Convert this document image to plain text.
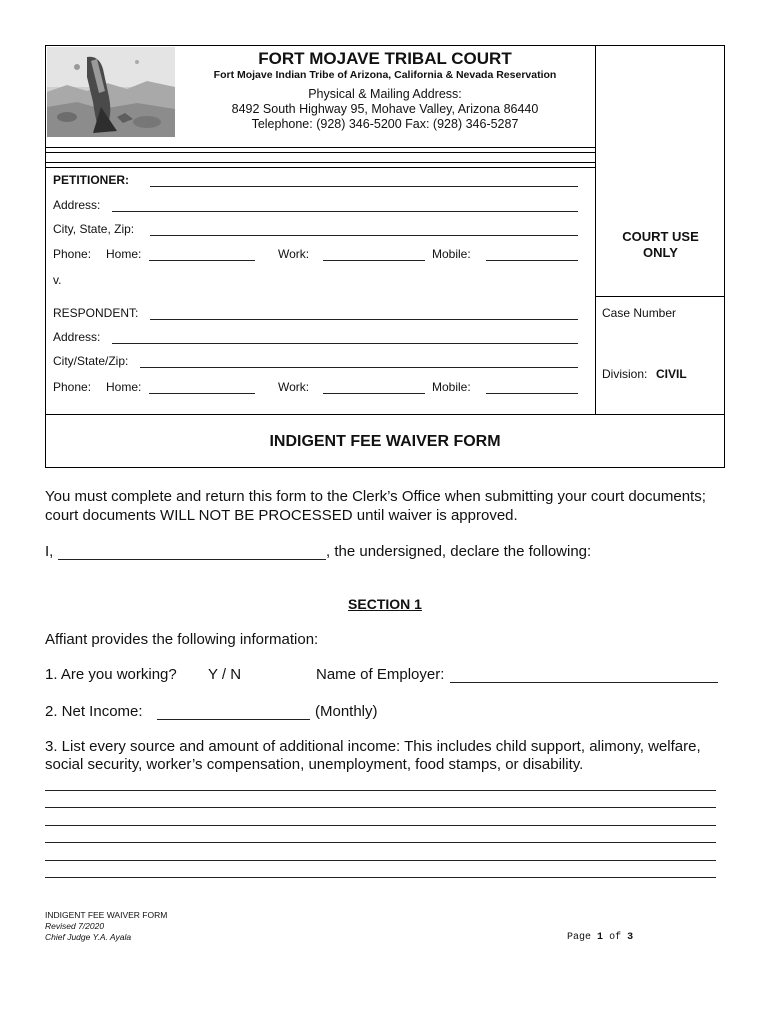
FORT MOJAVE TRIBAL COURT
Fort Mojave Indian Tribe of Arizona, California & Nevada Reservation
Physical & Mailing Address:
8492 South Highway 95, Mohave Valley, Arizona 86440
Telephone: (928) 346-5200 Fax: (928) 346-5287
PETITIONER:
Address:
City, State, Zip:
Phone: Home:	Work:	Mobile:
v.
RESPONDENT:
Address:
City/State/Zip:
Phone: Home:	Work:	Mobile:
COURT USE
ONLY
Case Number
Division: CIVIL
INDIGENT FEE WAIVER FORM
You must complete and return this form to the Clerk’s Office when submitting your court documents;
court documents WILL NOT BE PROCESSED until waiver is approved.
I,	, the undersigned, declare the following:
SECTION 1
Affiant provides the following information:
1. Are you working? Y / N	Name of Employer:
2. Net Income:	(Monthly)
3. List every source and amount of additional income: This includes child support, alimony, welfare,
social security, worker’s compensation, unemployment, food stamps, or disability.
INDIGENT FEE WAIVER FORM
Revised 7/2020
Chief Judge Y.A. Ayala	Page 1 of 3
